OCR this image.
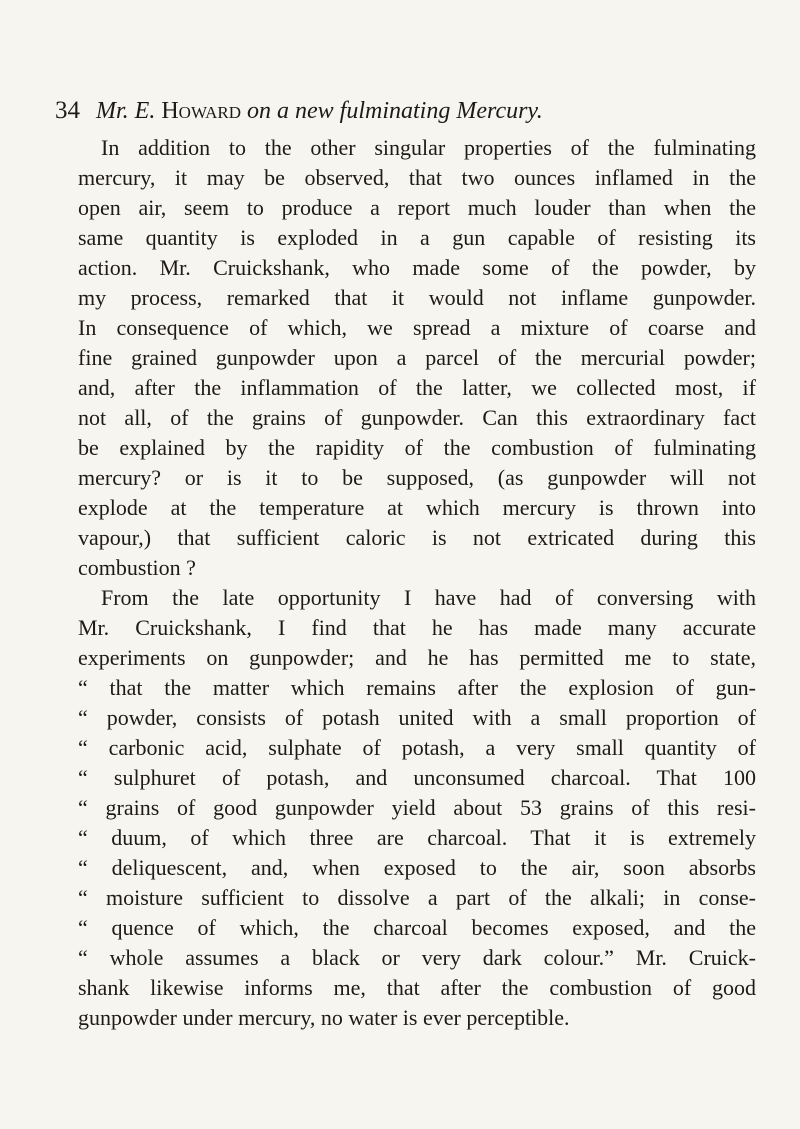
34 Mr. E. Howard on a new fulminating Mercury.
In addition to the other singular properties of the fulminating
mercury, it may be observed, that two ounces inflamed in the
open air, seem to produce a report much louder than when the
same quantity is exploded in a gun capable of resisting its
action. Mr. Cruickshank, who made some of the powder, by
my process, remarked that it would not inflame gunpowder.
In consequence of which, we spread a mixture of coarse and
fine grained gunpowder upon a parcel of the mercurial powder;
and, after the inflammation of the latter, we collected most, if
not all, of the grains of gunpowder. Can this extraordinary fact
be explained by the rapidity of the combustion of fulminating
mercury? or is it to be supposed, (as gunpowder will not
explode at the temperature at which mercury is thrown into
vapour,) that sufficient caloric is not extricated during this
combustion ?
From the late opportunity I have had of conversing with
Mr. Cruickshank, I find that he has made many accurate
experiments on gunpowder; and he has permitted me to state,
“ that the matter which remains after the explosion of gun-
“ powder, consists of potash united with a small proportion of
“ carbonic acid, sulphate of potash, a very small quantity of
“ sulphuret of potash, and unconsumed charcoal. That 100
“ grains of good gunpowder yield about 53 grains of this resi-
“ duum, of which three are charcoal. That it is extremely
“ deliquescent, and, when exposed to the air, soon absorbs
“ moisture sufficient to dissolve a part of the alkali; in conse-
“ quence of which, the charcoal becomes exposed, and the
“ whole assumes a black or very dark colour.” Mr. Cruick-
shank likewise informs me, that after the combustion of good
gunpowder under mercury, no water is ever perceptible.
